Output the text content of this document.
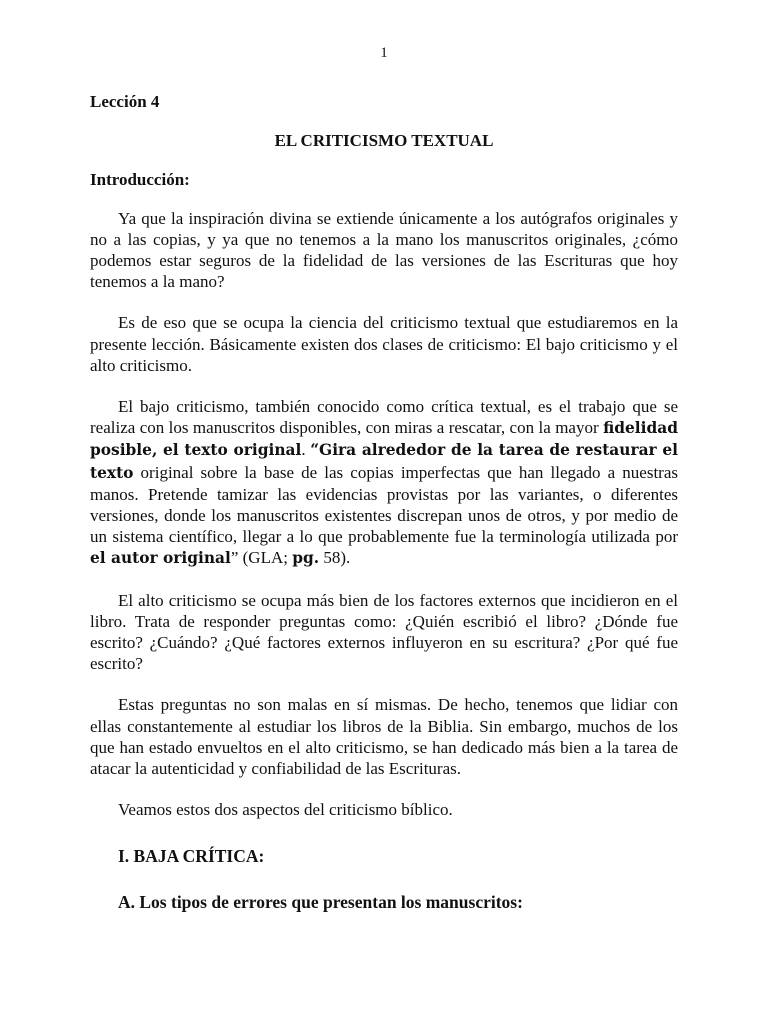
1
Lección 4
EL CRITICISMO TEXTUAL
Introducción:

Ya que la inspiración divina se extiende únicamente a los autógrafos originales y no a las copias, y ya que no tenemos a la mano los manuscritos originales, ¿cómo podemos estar seguros de la fidelidad de las versiones de las Escrituras que hoy tenemos a la mano?

Es de eso que se ocupa la ciencia del criticismo textual que estudiaremos en la presente lección. Básicamente existen dos clases de criticismo: El bajo criticismo y el alto criticismo.

El bajo criticismo, también conocido como crítica textual, es el trabajo que se realiza con los manuscritos disponibles, con miras a rescatar, con la mayor fidelidad posible, el texto original. “Gira alrededor de la tarea de restaurar el texto original sobre la base de las copias imperfectas que han llegado a nuestras manos. Pretende tamizar las evidencias provistas por las variantes, o diferentes versiones, donde los manuscritos existentes discrepan unos de otros, y por medio de un sistema científico, llegar a lo que probablemente fue la terminología utilizada por el autor original” (GLA; pg. 58).

El alto criticismo se ocupa más bien de los factores externos que incidieron en el libro. Trata de responder preguntas como: ¿Quién escribió el libro? ¿Dónde fue escrito? ¿Cuándo? ¿Qué factores externos influyeron en su escritura? ¿Por qué fue escrito?

Estas preguntas no son malas en sí mismas. De hecho, tenemos que lidiar con ellas constantemente al estudiar los libros de la Biblia. Sin embargo, muchos de los que han estado envueltos en el alto criticismo, se han dedicado más bien a la tarea de atacar la autenticidad y confiabilidad de las Escrituras.

Veamos estos dos aspectos del criticismo bíblico.

I. BAJA CRÍTICA:
A. Los tipos de errores que presentan los manuscritos:
